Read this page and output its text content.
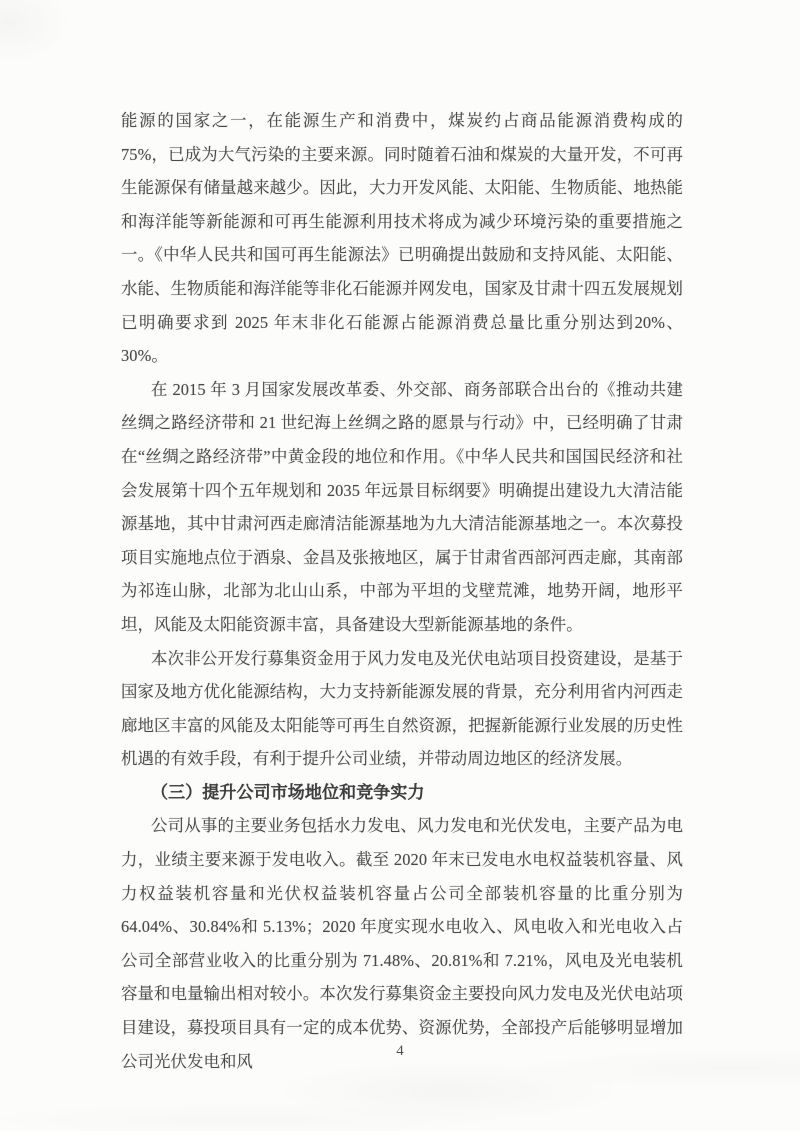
能源的国家之一，在能源生产和消费中，煤炭约占商品能源消费构成的 75%，已成为大气污染的主要来源。同时随着石油和煤炭的大量开发，不可再生能源保有储量越来越少。因此，大力开发风能、太阳能、生物质能、地热能和海洋能等新能源和可再生能源利用技术将成为减少环境污染的重要措施之一。《中华人民共和国可再生能源法》已明确提出鼓励和支持风能、太阳能、水能、生物质能和海洋能等非化石能源并网发电，国家及甘肃十四五发展规划已明确要求到 2025 年末非化石能源占能源消费总量比重分别达到20%、30%。

在 2015 年 3 月国家发展改革委、外交部、商务部联合出台的《推动共建丝绸之路经济带和 21 世纪海上丝绸之路的愿景与行动》中，已经明确了甘肃在“丝绸之路经济带”中黄金段的地位和作用。《中华人民共和国国民经济和社会发展第十四个五年规划和 2035 年远景目标纲要》明确提出建设九大清洁能源基地，其中甘肃河西走廊清洁能源基地为九大清洁能源基地之一。本次募投项目实施地点位于酒泉、金昌及张掖地区，属于甘肃省西部河西走廊，其南部为祁连山脉，北部为北山山系，中部为平坦的戈壁荒滩，地势开阔，地形平坦，风能及太阳能资源丰富，具备建设大型新能源基地的条件。

本次非公开发行募集资金用于风力发电及光伏电站项目投资建设，是基于国家及地方优化能源结构，大力支持新能源发展的背景，充分利用省内河西走廊地区丰富的风能及太阳能等可再生自然资源，把握新能源行业发展的历史性机遇的有效手段，有利于提升公司业绩，并带动周边地区的经济发展。

（三）提升公司市场地位和竞争实力

公司从事的主要业务包括水力发电、风力发电和光伏发电，主要产品为电力，业绩主要来源于发电收入。截至 2020 年末已发电水电权益装机容量、风力权益装机容量和光伏权益装机容量占公司全部装机容量的比重分别为 64.04%、30.84%和 5.13%；2020 年度实现水电收入、风电收入和光电收入占公司全部营业收入的比重分别为 71.48%、20.81%和 7.21%，风电及光电装机容量和电量输出相对较小。本次发行募集资金主要投向风力发电及光伏电站项目建设，募投项目具有一定的成本优势、资源优势，全部投产后能够明显增加公司光伏发电和风

4
